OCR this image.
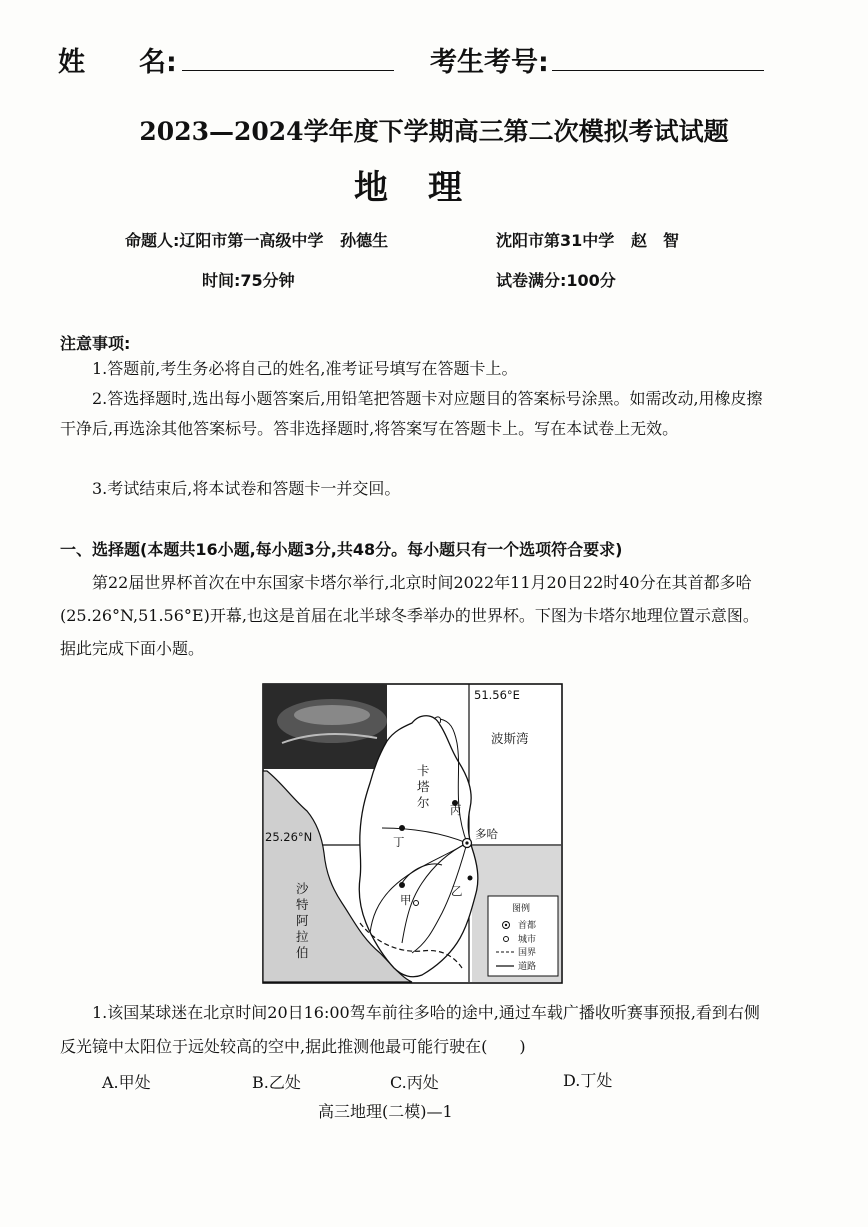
姓　　名:	考生考号:
2023—2024学年度下学期高三第二次模拟考试试题
地理
命题人:辽阳市第一高级中学 孙德生	沈阳市第31中学 赵　智
时间:75分钟	试卷满分:100分
注意事项:
1.答题前,考生务必将自己的姓名,准考证号填写在答题卡上。
2.答选择题时,选出每小题答案后,用铅笔把答题卡对应题目的答案标号涂黑。如需改动,用橡皮擦干净后,再选涂其他答案标号。答非选择题时,将答案写在答题卡上。写在本试卷上无效。
3.考试结束后,将本试卷和答题卡一并交回。
一、选择题(本题共16小题,每小题3分,共48分。每小题只有一个选项符合要求)
第22届世界杯首次在中东国家卡塔尔举行,北京时间2022年11月20日22时40分在其首都多哈(25.26°N,51.56°E)开幕,也这是首届在北半球冬季举办的世界杯。下图为卡塔尔地理位置示意图。据此完成下面小题。
51.56°E
25.26°N
波斯湾
卡
塔
尔
沙
特
阿
拉
伯
多哈
甲
乙
丙
丁
图例
首都
城市
国界
道路
1.该国某球迷在北京时间20日16:00驾车前往多哈的途中,通过车载广播收听赛事预报,看到右侧反光镜中太阳位于远处较高的空中,据此推测他最可能行驶在(　　)
A.甲处	B.乙处	C.丙处	D.丁处
高三地理(二模)—1
